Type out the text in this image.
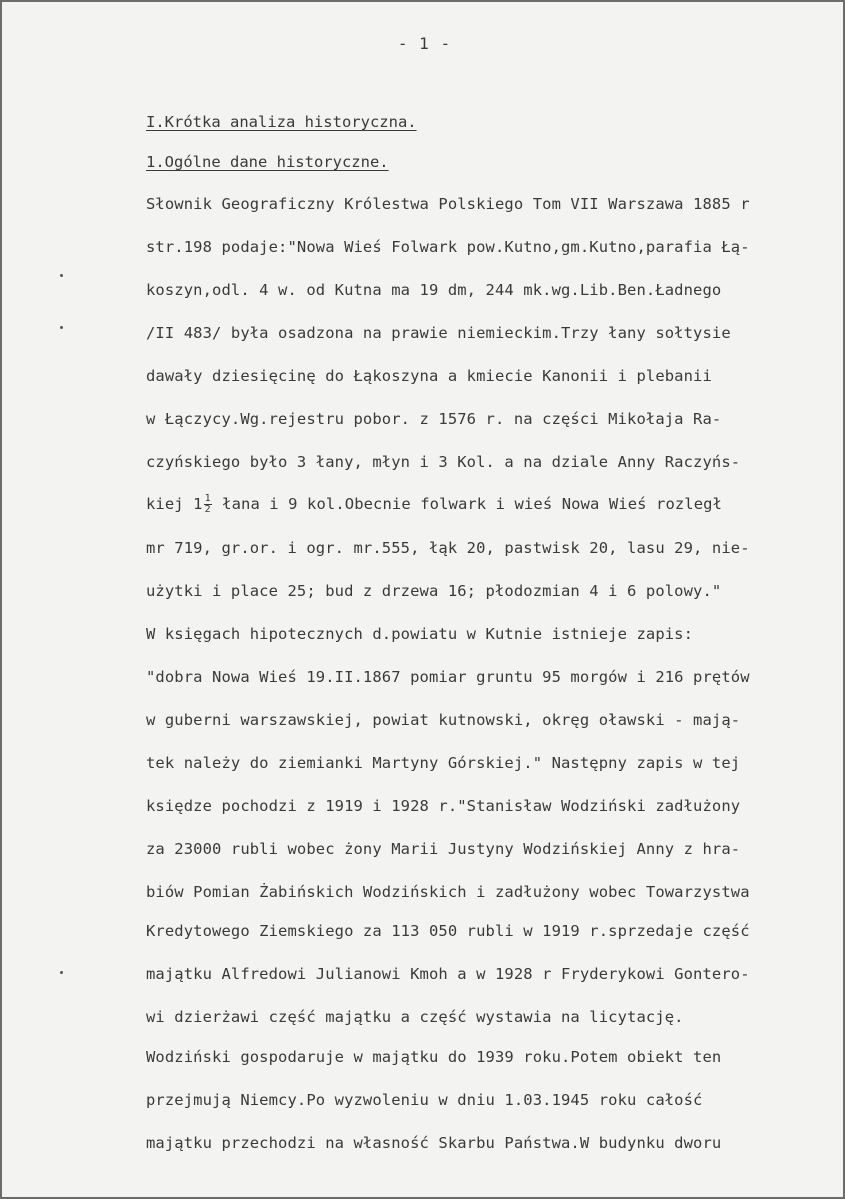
- 1 -
I.Krótka analiza historyczna.
1.Ogólne dane historyczne.
Słownik Geograficzny Królestwa Polskiego Tom VII Warszawa 1885 r
str.198 podaje:"Nowa Wieś Folwark pow.Kutno,gm.Kutno,parafia Łą-
koszyn,odl. 4 w. od Kutna ma 19 dm, 244 mk.wg.Lib.Ben.Ładnego
/II 483/ była osadzona na prawie niemieckim.Trzy łany sołtysie
dawały dziesięcinę do Łąkoszyna a kmiecie Kanonii i plebanii
w Łączycy.Wg.rejestru pobor. z 1576 r. na części Mikołaja Ra-
czyńskiego było 3 łany, młyn i 3 Kol. a na dziale Anny Raczyńs-
kiej $1 \frac{1}{2}$ łana i 9 kol.Obecnie folwark i wieś Nowa Wieś rozległ
mr 719, gr.or. i ogr. mr.555, łąk 20, pastwisk 20, lasu 29, nie-
użytki i place 25; bud z drzewa 16; płodozmian 4 i 6 polowy."
W księgach hipotecznych d.powiatu w Kutnie istnieje zapis:
"dobra Nowa Wieś 19.II.1867 pomiar gruntu 95 morgów i 216 prętów
w guberni warszawskiej, powiat kutnowski, okręg oławski - mają-
tek należy do ziemianki Martyny Górskiej." Następny zapis w tej
księdze pochodzi z 1919 i 1928 r."Stanisław Wodziński zadłużony
za 23000 rubli wobec żony Marii Justyny Wodzińskiej Anny z hra-
biów Pomian Żabińskich Wodzińskich i zadłużony wobec Towarzystwa
Kredytowego Ziemskiego za 113 050 rubli w 1919 r.sprzedaje część
majątku Alfredowi Julianowi Kmoh a w 1928 r Fryderykowi Gontero-
wi dzierżawi część majątku a część wystawia na licytację.
Wodziński gospodaruje w majątku do 1939 roku.Potem obiekt ten
przejmują Niemcy.Po wyzwoleniu w dniu 1.03.1945 roku całość
majątku przechodzi na własność Skarbu Państwa.W budynku dworu
